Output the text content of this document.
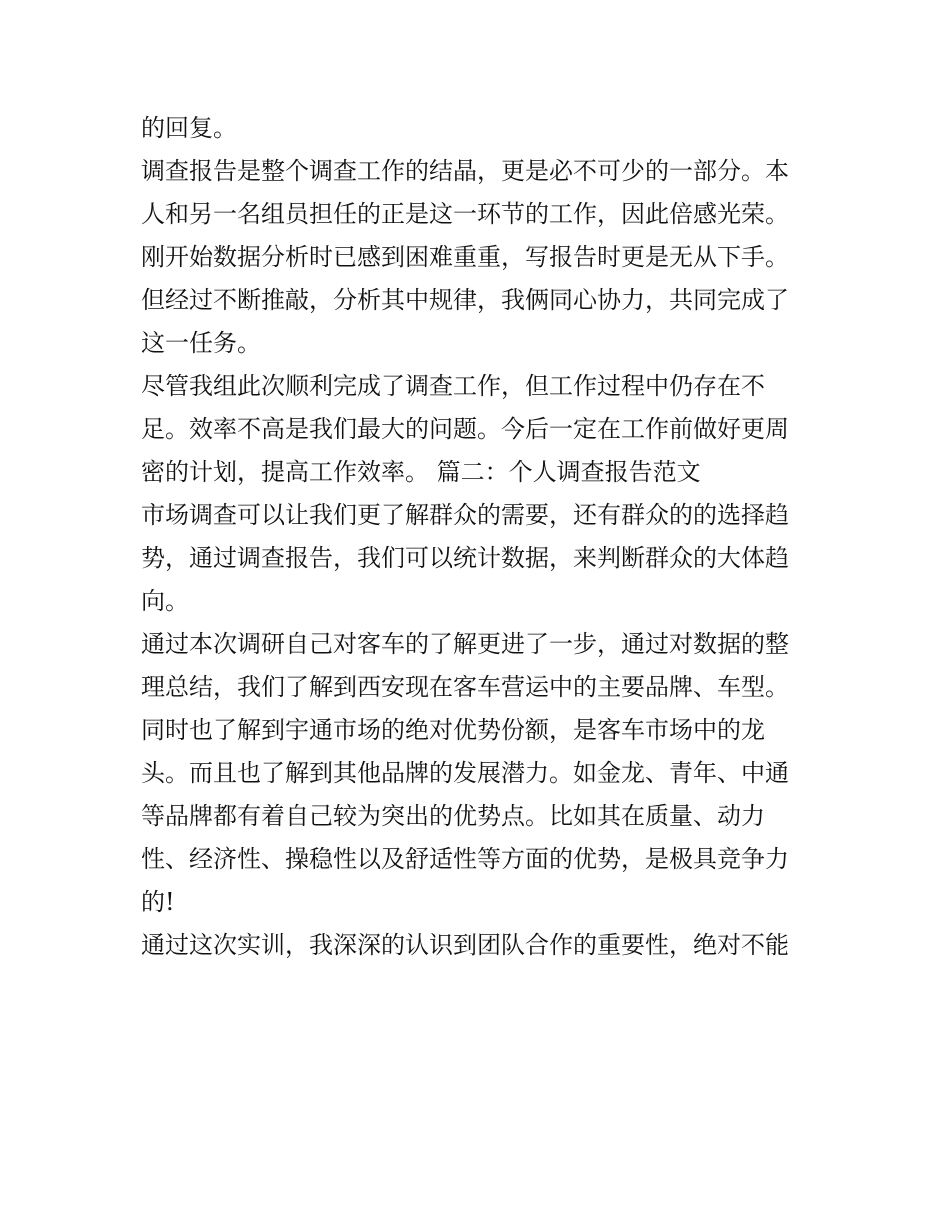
的回复。
调查报告是整个调查工作的结晶，更是必不可少的一部分。本
人和另一名组员担任的正是这一环节的工作，因此倍感光荣。
刚开始数据分析时已感到困难重重，写报告时更是无从下手。
但经过不断推敲，分析其中规律，我俩同心协力，共同完成了
这一任务。
尽管我组此次顺利完成了调查工作，但工作过程中仍存在不
足。效率不高是我们最大的问题。今后一定在工作前做好更周
密的计划，提高工作效率。 篇二：个人调查报告范文
市场调查可以让我们更了解群众的需要，还有群众的的选择趋
势，通过调查报告，我们可以统计数据，来判断群众的大体趋
向。
通过本次调研自己对客车的了解更进了一步，通过对数据的整
理总结，我们了解到西安现在客车营运中的主要品牌、车型。
同时也了解到宇通市场的绝对优势份额，是客车市场中的龙
头。而且也了解到其他品牌的发展潜力。如金龙、青年、中通
等品牌都有着自己较为突出的优势点。比如其在质量、动力
性、经济性、操稳性以及舒适性等方面的优势，是极具竞争力
的!
通过这次实训，我深深的认识到团队合作的重要性，绝对不能
